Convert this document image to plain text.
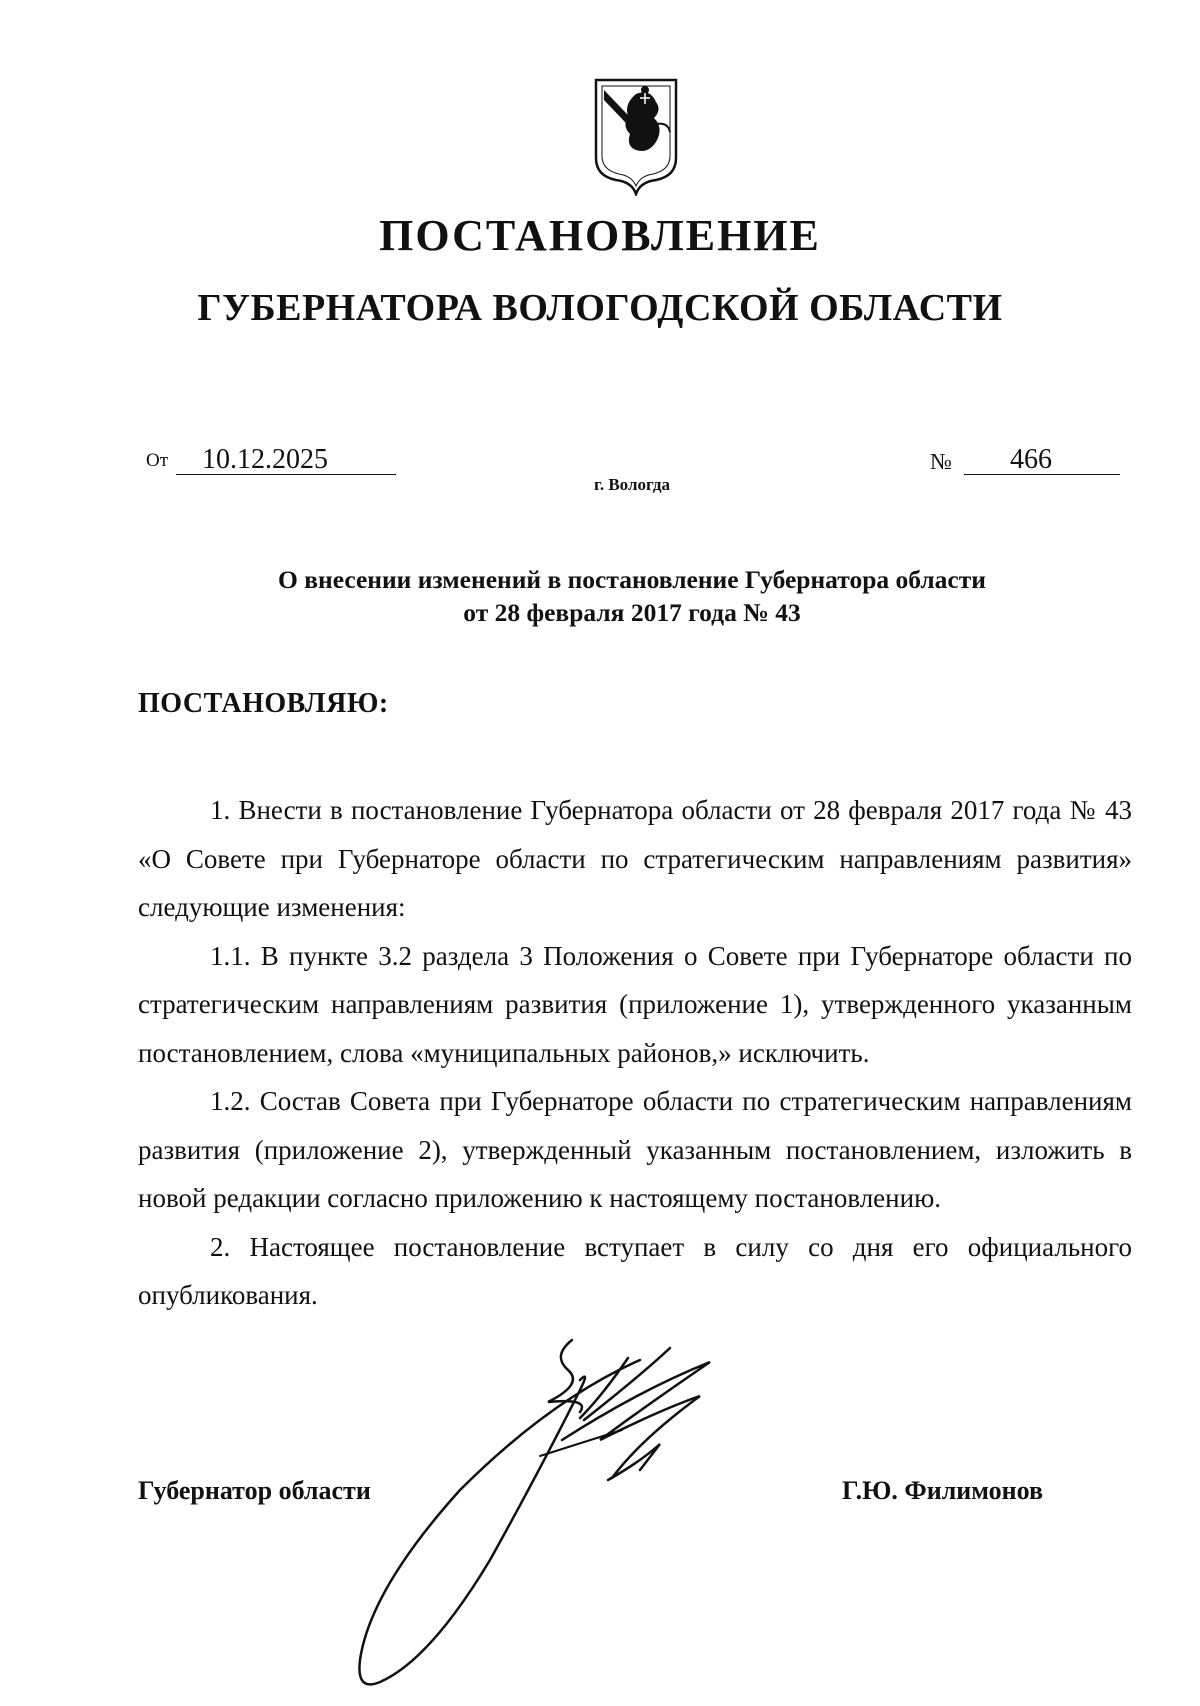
ПОСТАНОВЛЕНИЕ
ГУБЕРНАТОРА ВОЛОГОДСКОЙ ОБЛАСТИ
От	10.12.2025	№	466
г. Вологда
О внесении изменений в постановление Губернатора области
от 28 февраля 2017 года № 43
ПОСТАНОВЛЯЮ:

1. Внести в постановление Губернатора области от 28 февраля 2017 года № 43 «О Совете при Губернаторе области по стратегическим направлениям развития» следующие изменения:

1.1. В пункте 3.2 раздела 3 Положения о Совете при Губернаторе области по стратегическим направлениям развития (приложение 1), утвержденного указанным постановлением, слова «муниципальных районов,» исключить.

1.2. Состав Совета при Губернаторе области по стратегическим направлениям развития (приложение 2), утвержденный указанным постановлением, изложить в новой редакции согласно приложению к настоящему постановлению.

2. Настоящее постановление вступает в силу со дня его официального опубликования.

Губернатор области	Г.Ю. Филимонов
